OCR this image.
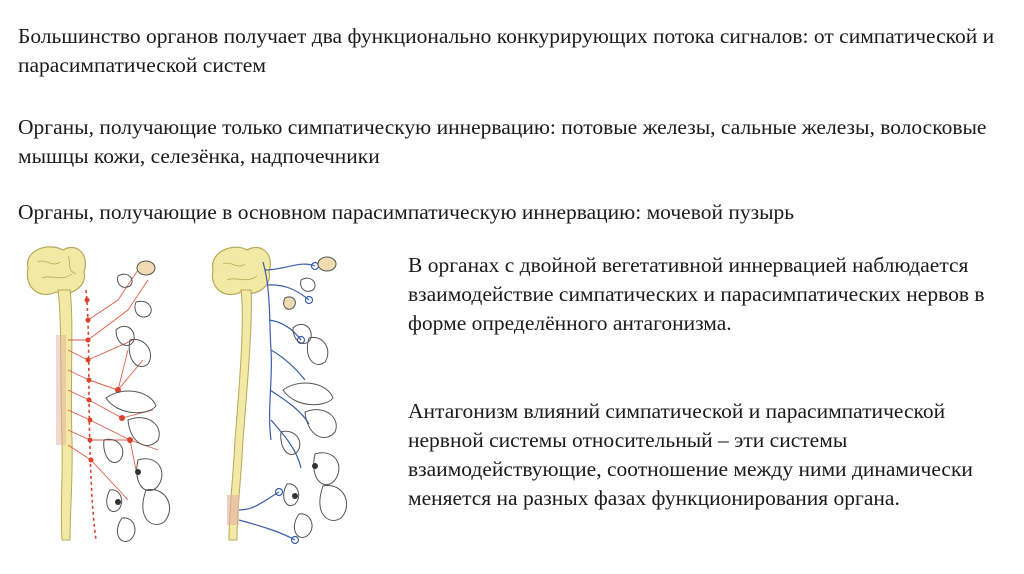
Большинство органов получает два функционально конкурирующих потока сигналов: от симпатической и парасимпатической систем

Органы, получающие только симпатическую иннервацию: потовые железы, сальные железы, волосковые мышцы кожи, селезёнка, надпочечники

Органы, получающие в основном парасимпатическую иннервацию: мочевой пузырь

В органах с двойной вегетативной иннервацией наблюдается взаимодействие симпатических и парасимпатических нервов в форме определённого антагонизма.

Антагонизм влияний симпатической и парасимпатической нервной системы относительный – эти системы взаимодействующие, соотношение между ними динамически меняется на разных фазах функционирования органа.
